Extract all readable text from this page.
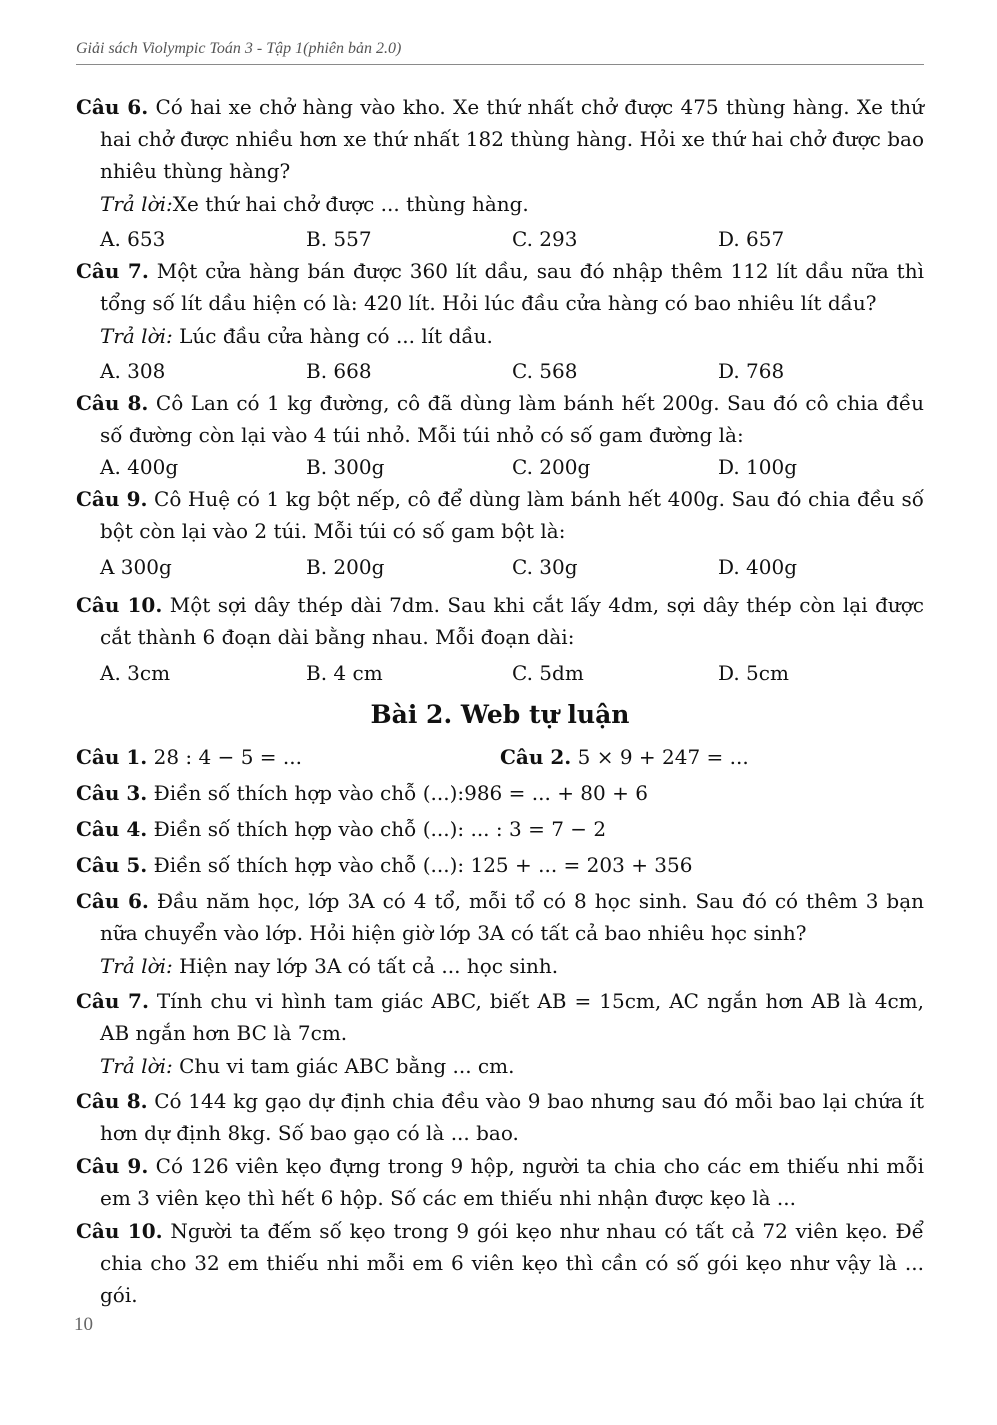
Giải sách Violympic Toán 3 - Tập 1(phiên bản 2.0)

Câu 6. Có hai xe chở hàng vào kho. Xe thứ nhất chở được 475 thùng hàng. Xe thứ hai chở được nhiều hơn xe thứ nhất 182 thùng hàng. Hỏi xe thứ hai chở được bao nhiêu thùng hàng?

Trả lời:Xe thứ hai chở được ... thùng hàng.
A. 653	B. 557	C. 293	D. 657

Câu 7. Một cửa hàng bán được 360 lít dầu, sau đó nhập thêm 112 lít dầu nữa thì tổng số lít dầu hiện có là: 420 lít. Hỏi lúc đầu cửa hàng có bao nhiêu lít dầu?

Trả lời: Lúc đầu cửa hàng có ... lít dầu.
A. 308	B. 668	C. 568	D. 768

Câu 8. Cô Lan có 1 kg đường, cô đã dùng làm bánh hết 200g. Sau đó cô chia đều số đường còn lại vào 4 túi nhỏ. Mỗi túi nhỏ có số gam đường là:

A. 400g	B. 300g	C. 200g	D. 100g

Câu 9. Cô Huệ có 1 kg bột nếp, cô để dùng làm bánh hết 400g. Sau đó chia đều số bột còn lại vào 2 túi. Mỗi túi có số gam bột là:

A 300g	B. 200g	C. 30g	D. 400g

Câu 10. Một sợi dây thép dài 7dm. Sau khi cắt lấy 4dm, sợi dây thép còn lại được cắt thành 6 đoạn dài bằng nhau. Mỗi đoạn dài:

A. 3cm	B. 4 cm	C. 5dm	D. 5cm
Bài 2. Web tự luận
Câu 1. 28 : 4 − 5 = ...	Câu 2. 5 × 9 + 247 = ...

Câu 3. Điền số thích hợp vào chỗ (...):986 = ... + 80 + 6

Câu 4. Điền số thích hợp vào chỗ (...): ... : 3 = 7 − 2

Câu 5. Điền số thích hợp vào chỗ (...): 125 + ... = 203 + 356

Câu 6. Đầu năm học, lớp 3A có 4 tổ, mỗi tổ có 8 học sinh. Sau đó có thêm 3 bạn nữa chuyển vào lớp. Hỏi hiện giờ lớp 3A có tất cả bao nhiêu học sinh?

Trả lời: Hiện nay lớp 3A có tất cả ... học sinh.

Câu 7. Tính chu vi hình tam giác ABC, biết AB = 15cm, AC ngắn hơn AB là 4cm, AB ngắn hơn BC là 7cm.

Trả lời: Chu vi tam giác ABC bằng ... cm.

Câu 8. Có 144 kg gạo dự định chia đều vào 9 bao nhưng sau đó mỗi bao lại chứa ít hơn dự định 8kg. Số bao gạo có là ... bao.

Câu 9. Có 126 viên kẹo đựng trong 9 hộp, người ta chia cho các em thiếu nhi mỗi em 3 viên kẹo thì hết 6 hộp. Số các em thiếu nhi nhận được kẹo là ...

Câu 10. Người ta đếm số kẹo trong 9 gói kẹo như nhau có tất cả 72 viên kẹo. Để chia cho 32 em thiếu nhi mỗi em 6 viên kẹo thì cần có số gói kẹo như vậy là ... gói.

10
